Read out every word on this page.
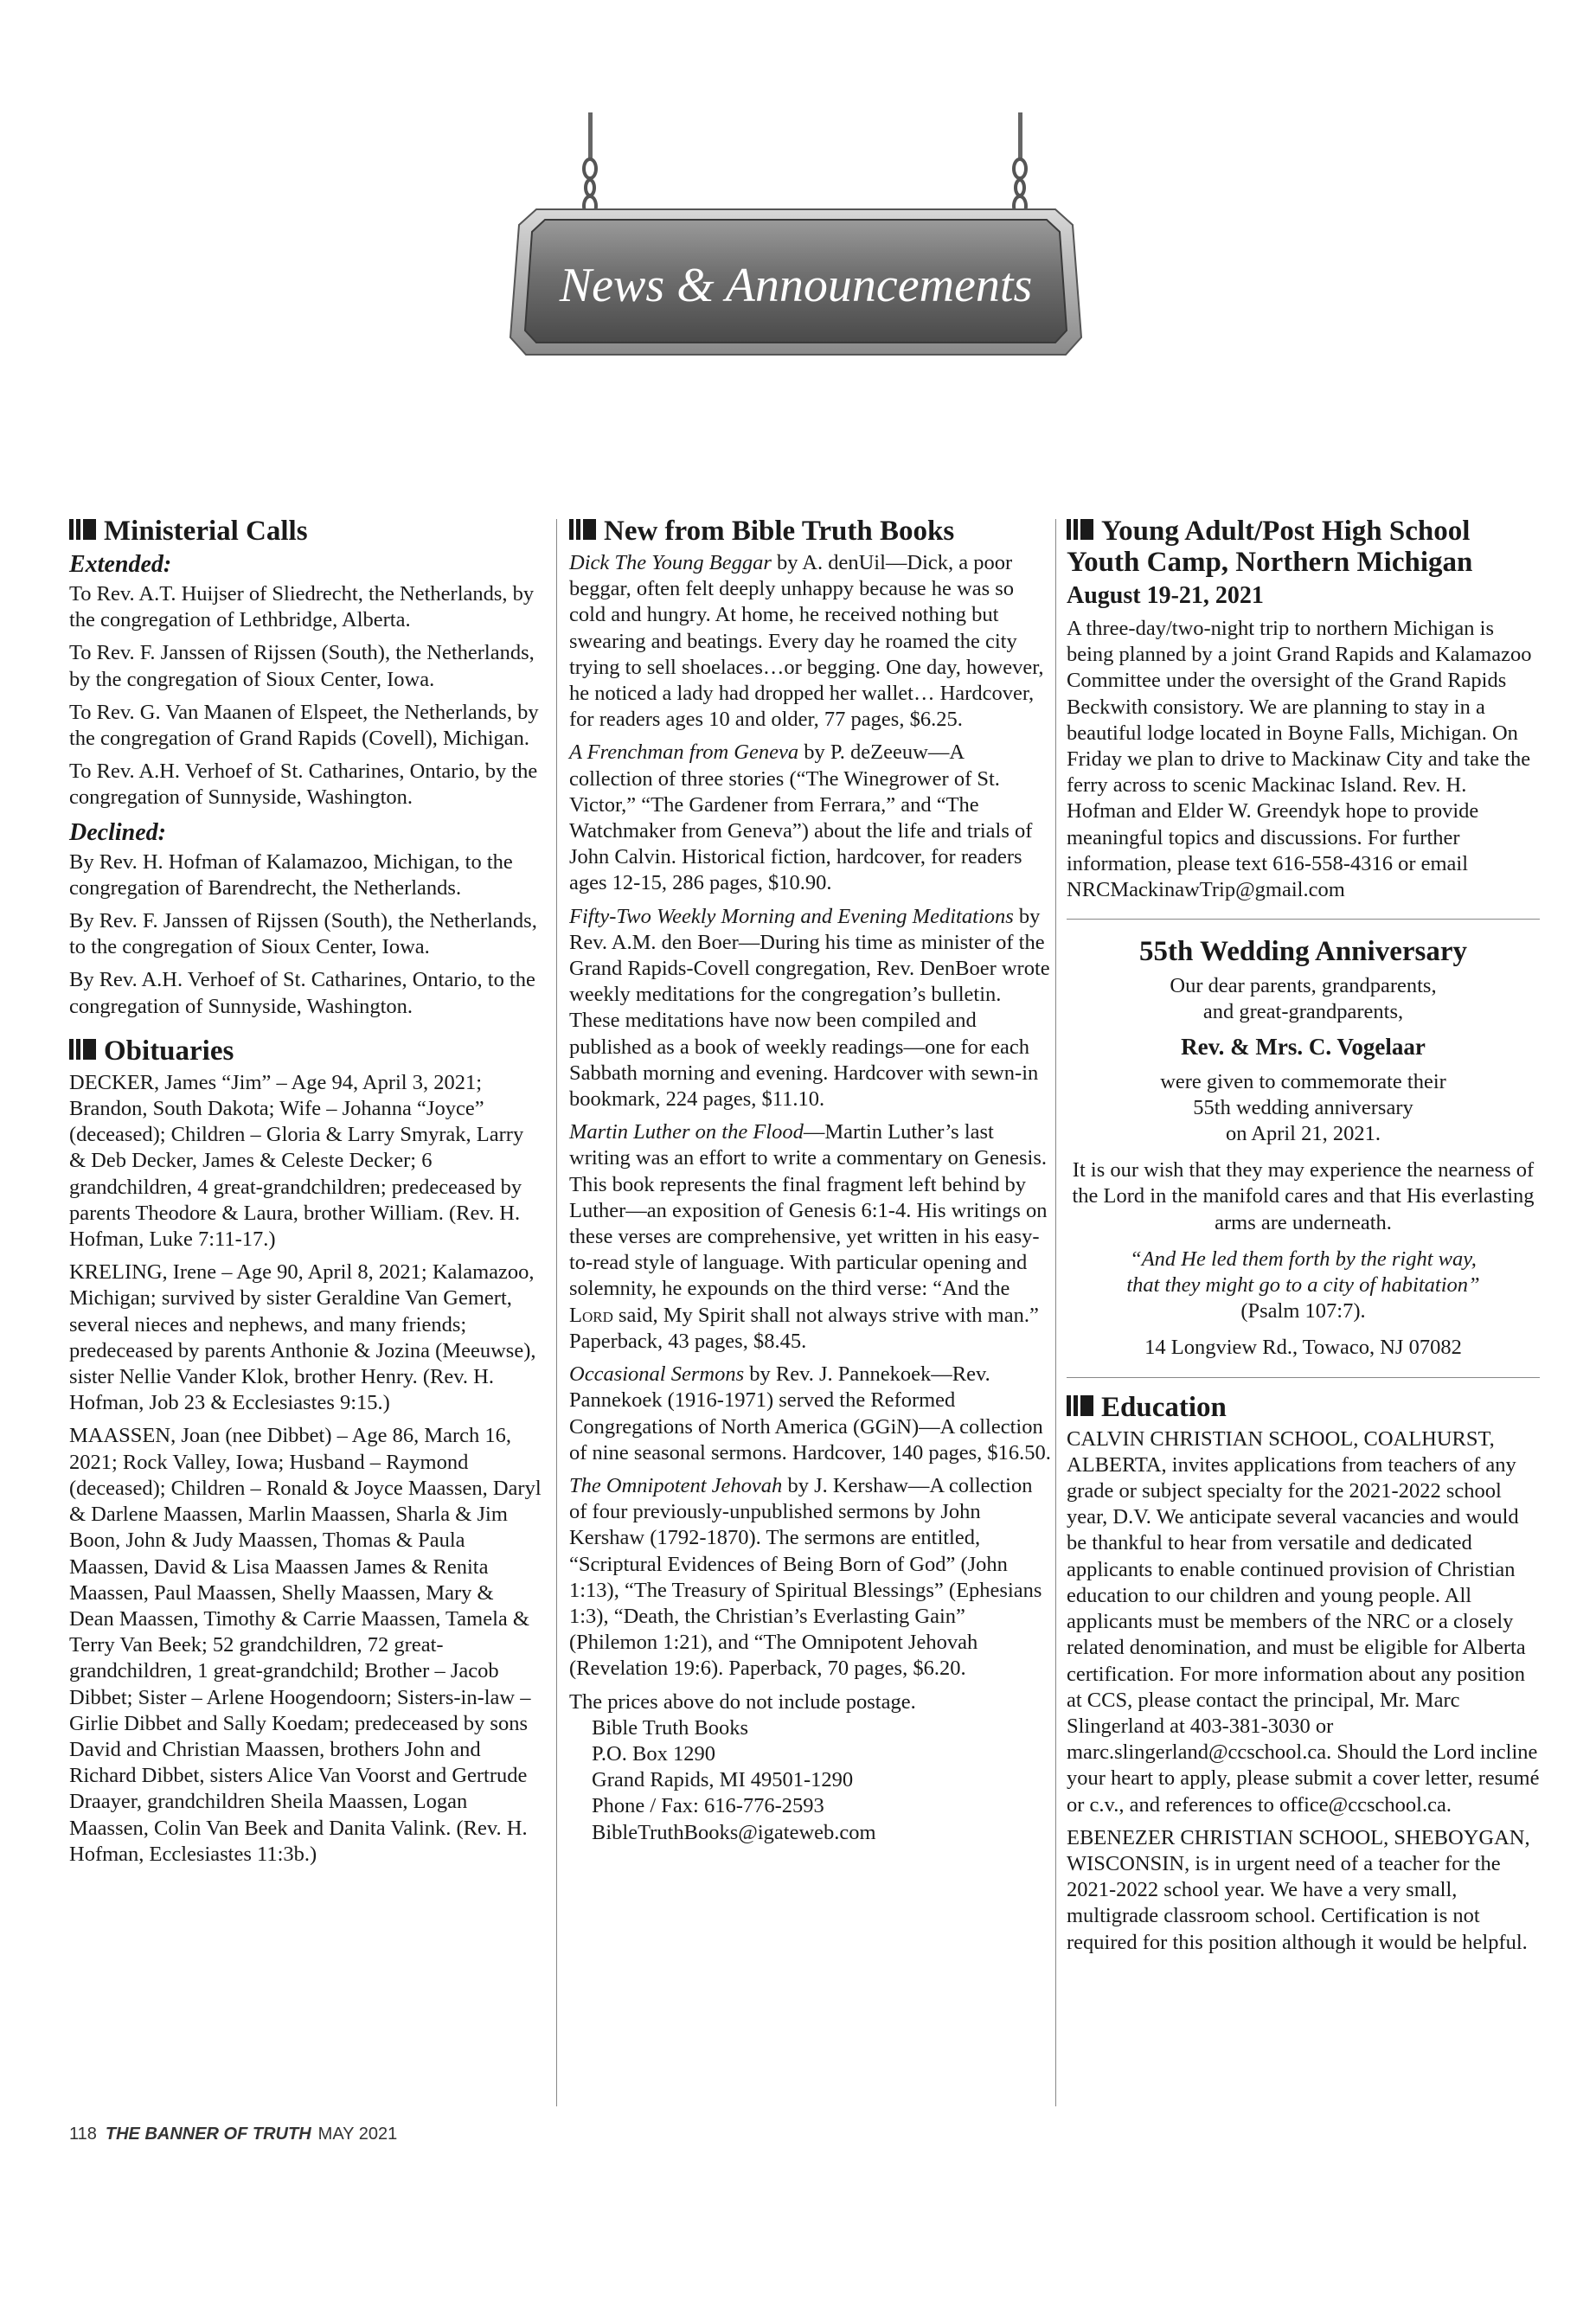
News & Announcements
Ministerial Calls
Extended:

To Rev. A.T. Huijser of Sliedrecht, the Netherlands, by the congregation of Lethbridge, Alberta.

To Rev. F. Janssen of Rijssen (South), the Netherlands, by the congregation of Sioux Center, Iowa.

To Rev. G. Van Maanen of Elspeet, the Netherlands, by the congregation of Grand Rapids (Covell), Michigan.

To Rev. A.H. Verhoef of St. Catharines, Ontario, by the congregation of Sunnyside, Washington.

Declined:

By Rev. H. Hofman of Kalamazoo, Michigan, to the congregation of Barendrecht, the Netherlands.

By Rev. F. Janssen of Rijssen (South), the Netherlands, to the congregation of Sioux Center, Iowa.

By Rev. A.H. Verhoef of St. Catharines, Ontario, to the congregation of Sunnyside, Washington.

Obituaries

DECKER, James “Jim” – Age 94, April 3, 2021; Brandon, South Dakota; Wife – Johanna “Joyce” (deceased); Children – Gloria & Larry Smyrak, Larry & Deb Decker, James & Celeste Decker; 6 grandchildren, 4 great-grandchildren; predeceased by parents Theodore & Laura, brother William. (Rev. H. Hofman, Luke 7:11-17.)

KRELING, Irene – Age 90, April 8, 2021; Kalamazoo, Michigan; survived by sister Geraldine Van Gemert, several nieces and nephews, and many friends; predeceased by parents Anthonie & Jozina (Meeuwse), sister Nellie Vander Klok, brother Henry. (Rev. H. Hofman, Job 23 & Ecclesiastes 9:15.)

MAASSEN, Joan (nee Dibbet) – Age 86, March 16, 2021; Rock Valley, Iowa; Husband – Raymond (deceased); Children – Ronald & Joyce Maassen, Daryl & Darlene Maassen, Marlin Maassen, Sharla & Jim Boon, John & Judy Maassen, Thomas & Paula Maassen, David & Lisa Maassen James & Renita Maassen, Paul Maassen, Shelly Maassen, Mary & Dean Maassen, Timothy & Carrie Maassen, Tamela & Terry Van Beek; 52 grandchildren, 72 great-grandchildren, 1 great-grandchild; Brother – Jacob Dibbet; Sister – Arlene Hoogendoorn; Sisters-in-law – Girlie Dibbet and Sally Koedam; predeceased by sons David and Christian Maassen, brothers John and Richard Dibbet, sisters Alice Van Voorst and Gertrude Draayer, grandchildren Sheila Maassen, Logan Maassen, Colin Van Beek and Danita Valink. (Rev. H. Hofman, Ecclesiastes 11:3b.)

New from Bible Truth Books

Dick The Young Beggar by A. denUil—Dick, a poor beggar, often felt deeply unhappy because he was so cold and hungry. At home, he received nothing but swearing and beatings. Every day he roamed the city trying to sell shoelaces…or begging. One day, however, he noticed a lady had dropped her wallet… Hardcover, for readers ages 10 and older, 77 pages, $6.25.

A Frenchman from Geneva by P. deZeeuw—A collection of three stories (“The Winegrower of St. Victor,” “The Gardener from Ferrara,” and “The Watchmaker from Geneva”) about the life and trials of John Calvin. Historical fiction, hardcover, for readers ages 12-15, 286 pages, $10.90.

Fifty-Two Weekly Morning and Evening Meditations by Rev. A.M. den Boer—During his time as minister of the Grand Rapids-Covell congregation, Rev. DenBoer wrote weekly meditations for the congregation’s bulletin. These meditations have now been compiled and published as a book of weekly readings—one for each Sabbath morning and evening. Hardcover with sewn-in bookmark, 224 pages, $11.10.

Martin Luther on the Flood—Martin Luther’s last writing was an effort to write a commentary on Genesis. This book represents the final fragment left behind by Luther—an exposition of Genesis 6:1-4. His writings on these verses are comprehensive, yet written in his easy-to-read style of language. With particular opening and solemnity, he expounds on the third verse: “And the Lord said, My Spirit shall not always strive with man.” Paperback, 43 pages, $8.45.

Occasional Sermons by Rev. J. Pannekoek—Rev. Pannekoek (1916-1971) served the Reformed Congregations of North America (GGiN)—A collection of nine seasonal sermons. Hardcover, 140 pages, $16.50.

The Omnipotent Jehovah by J. Kershaw—A collection of four previously-unpublished sermons by John Kershaw (1792-1870). The sermons are entitled, “Scriptural Evidences of Being Born of God” (John 1:13), “The Treasury of Spiritual Blessings” (Ephesians 1:3), “Death, the Christian’s Everlasting Gain” (Philemon 1:21), and “The Omnipotent Jehovah (Revelation 19:6). Paperback, 70 pages, $6.20.

The prices above do not include postage.

Bible Truth Books
P.O. Box 1290
Grand Rapids, MI 49501-1290
Phone / Fax: 616-776-2593
BibleTruthBooks@igateweb.com
Young Adult/Post High School Youth Camp, Northern Michigan
August 19-21, 2021

A three-day/two-night trip to northern Michigan is being planned by a joint Grand Rapids and Kalamazoo Committee under the oversight of the Grand Rapids Beckwith consistory. We are planning to stay in a beautiful lodge located in Boyne Falls, Michigan. On Friday we plan to drive to Mackinaw City and take the ferry across to scenic Mackinac Island. Rev. H. Hofman and Elder W. Greendyk hope to provide meaningful topics and discussions. For further information, please text 616-558-4316 or email NRCMackinawTrip@gmail.com

55th Wedding Anniversary
Our dear parents, grandparents,
and great-grandparents,
Rev. & Mrs. C. Vogelaar
were given to commemorate their
55th wedding anniversary
on April 21, 2021.
It is our wish that they may experience the nearness of the Lord in the manifold cares and that His everlasting arms are underneath.
“And He led them forth by the right way,
that they might go to a city of habitation”
(Psalm 107:7).
14 Longview Rd., Towaco, NJ 07082
Education

CALVIN CHRISTIAN SCHOOL, COALHURST, ALBERTA, invites applications from teachers of any grade or subject specialty for the 2021-2022 school year, D.V. We anticipate several vacancies and would be thankful to hear from versatile and dedicated applicants to enable continued provision of Christian education to our children and young people. All applicants must be members of the NRC or a closely related denomination, and must be eligible for Alberta certification. For more information about any position at CCS, please contact the principal, Mr. Marc Slingerland at 403-381-3030 or marc.slingerland@ccschool.ca. Should the Lord incline your heart to apply, please submit a cover letter, resumé or c.v., and references to office@ccschool.ca.

EBENEZER CHRISTIAN SCHOOL, SHEBOYGAN, WISCONSIN, is in urgent need of a teacher for the 2021-2022 school year. We have a very small, multigrade classroom school. Certification is not required for this position although it would be helpful.

118 THE BANNER OF TRUTH MAY 2021
